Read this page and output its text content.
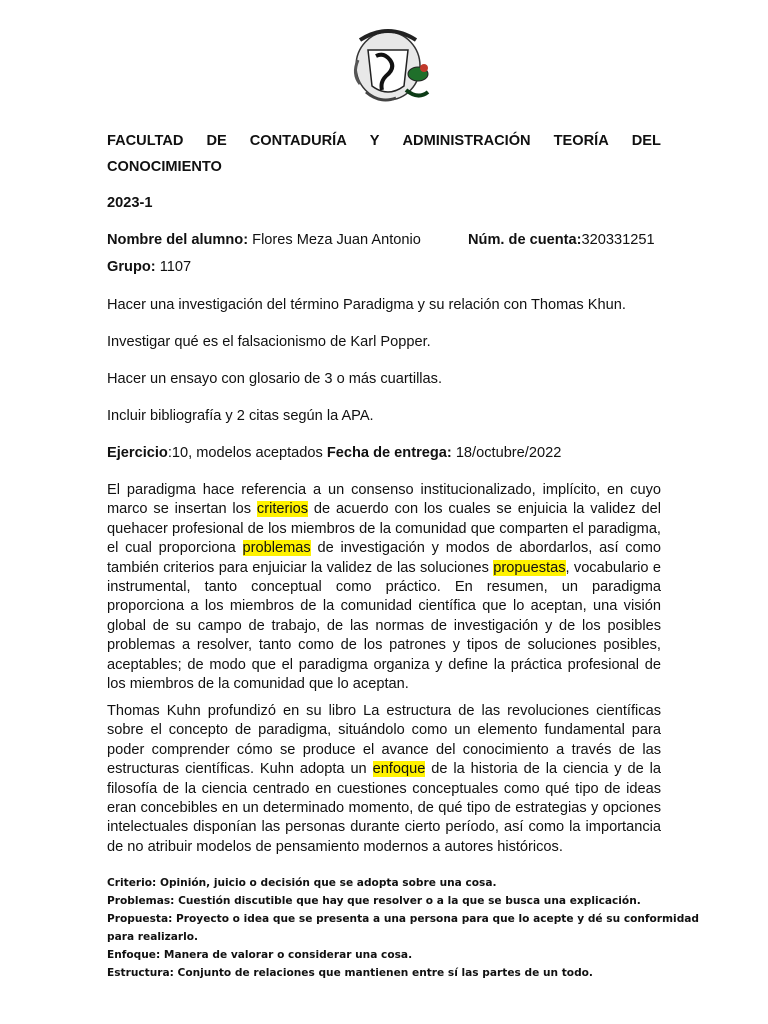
FACULTAD DE CONTADURÍA Y ADMINISTRACIÓN TEORÍA DEL
CONOCIMIENTO
2023-1
Nombre del alumno: Flores Meza Juan Antonio	Núm. de cuenta:320331251
Grupo: 1107
Hacer una investigación del término Paradigma y su relación con Thomas Khun.
Investigar qué es el falsacionismo de Karl Popper.
Hacer un ensayo con glosario de 3 o más cuartillas.
Incluir bibliografía y 2 citas según la APA.
Ejercicio:10, modelos aceptados Fecha de entrega: 18/octubre/2022
El paradigma hace referencia a un consenso institucionalizado, implícito, en cuyo marco se insertan los criterios de acuerdo con los cuales se enjuicia la validez del quehacer profesional de los miembros de la comunidad que comparten el paradigma, el cual proporciona problemas de investigación y modos de abordarlos, así como también criterios para enjuiciar la validez de las soluciones propuestas, vocabulario e instrumental, tanto conceptual como práctico. En resumen, un paradigma proporciona a los miembros de la comunidad científica que lo aceptan, una visión global de su campo de trabajo, de las normas de investigación y de los posibles problemas a resolver, tanto como de los patrones y tipos de soluciones posibles, aceptables; de modo que el paradigma organiza y define la práctica profesional de los miembros de la comunidad que lo aceptan.
Thomas Kuhn profundizó en su libro La estructura de las revoluciones científicas sobre el concepto de paradigma, situándolo como un elemento fundamental para poder comprender cómo se produce el avance del conocimiento a través de las estructuras científicas. Kuhn adopta un enfoque de la historia de la ciencia y de la filosofía de la ciencia centrado en cuestiones conceptuales como qué tipo de ideas eran concebibles en un determinado momento, de qué tipo de estrategias y opciones intelectuales disponían las personas durante cierto período, así como la importancia de no atribuir modelos de pensamiento modernos a autores históricos.
Criterio: Opinión, juicio o decisión que se adopta sobre una cosa.
Problemas: Cuestión discutible que hay que resolver o a la que se busca una explicación.
Propuesta: Proyecto o idea que se presenta a una persona para que lo acepte y dé su conformidad
para realizarlo.
Enfoque: Manera de valorar o considerar una cosa.
Estructura: Conjunto de relaciones que mantienen entre sí las partes de un todo.
